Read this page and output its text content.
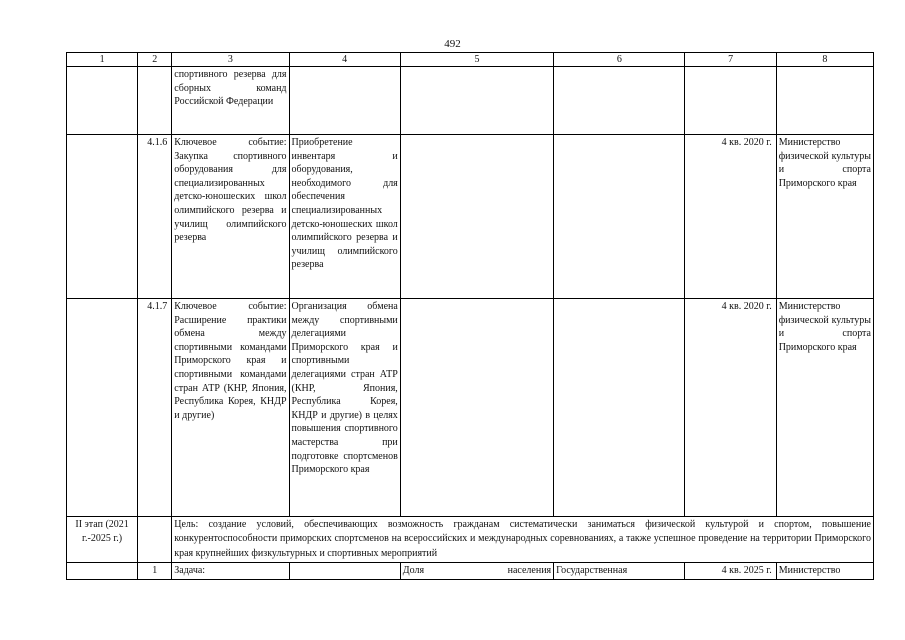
492
1	2	3	4	5	6	7	8
		спортивного резерва для сборных команд Российской Федерации					
	4.1.6	Ключевое событие: Закупка спортивного оборудования для специализированных детско-юношеских школ олимпийского резерва и училищ олимпийского резерва	Приобретение инвентаря и оборудования, необходимого для обеспечения специализированных детско-юношеских школ олимпийского резерва и училищ олимпийского резерва			4 кв. 2020 г.	Министерство физической культуры и спорта Приморского края
	4.1.7	Ключевое событие: Расширение практики обмена между спортивными командами Приморского края и спортивными командами стран АТР (КНР, Япония, Республика Корея, КНДР и другие)	Организация обмена между спортивными делегациями Приморского края и спортивными делегациями стран АТР (КНР, Япония, Республика Корея, КНДР и другие) в целях повышения спортивного мастерства при подготовке спортсменов Приморского края			4 кв. 2020 г.	Министерство физической культуры и спорта Приморского края
II этап (2021 г.-2025 г.)		Цель: создание условий, обеспечивающих возможность гражданам систематически заниматься физической культурой и спортом, повышение конкурентоспособности приморских спортсменов на всероссийских и международных соревнованиях, а также успешное проведение на территории Приморского края крупнейших физкультурных и спортивных мероприятий					
	1	Задача:		Доля населения	Государственная	4 кв. 2025 г.	Министерство
